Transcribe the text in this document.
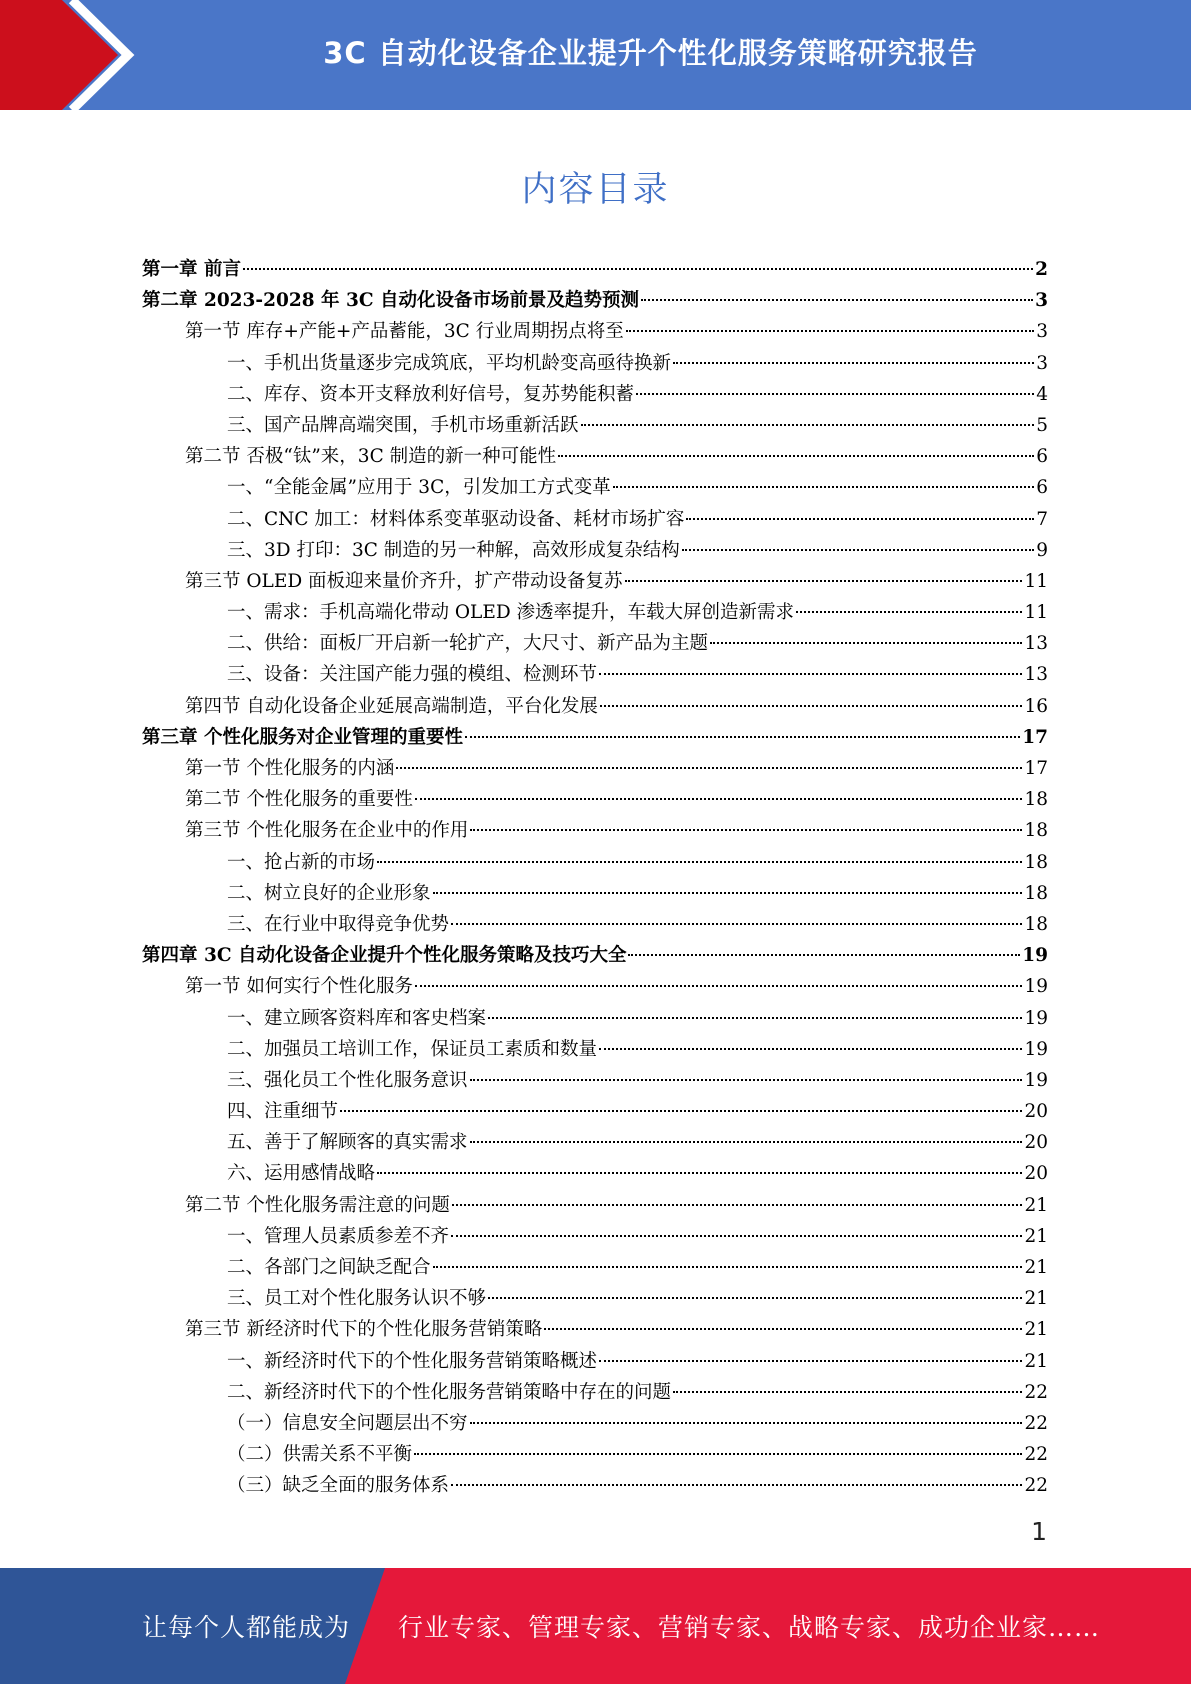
3C 自动化设备企业提升个性化服务策略研究报告
内容目录
第一章 前言	2
第二章 2023-2028 年 3C 自动化设备市场前景及趋势预测	3
第一节 库存+产能+产品蓄能，3C 行业周期拐点将至	3
一、手机出货量逐步完成筑底，平均机龄变高亟待换新	3
二、库存、资本开支释放利好信号，复苏势能积蓄	4
三、国产品牌高端突围，手机市场重新活跃	5
第二节 否极“钛”来，3C 制造的新一种可能性	6
一、“全能金属”应用于 3C，引发加工方式变革	6
二、CNC 加工：材料体系变革驱动设备、耗材市场扩容	7
三、3D 打印：3C 制造的另一种解，高效形成复杂结构	9
第三节 OLED 面板迎来量价齐升，扩产带动设备复苏	11
一、需求：手机高端化带动 OLED 渗透率提升，车载大屏创造新需求	11
二、供给：面板厂开启新一轮扩产，大尺寸、新产品为主题	13
三、设备：关注国产能力强的模组、检测环节	13
第四节 自动化设备企业延展高端制造，平台化发展	16
第三章 个性化服务对企业管理的重要性	17
第一节 个性化服务的内涵	17
第二节 个性化服务的重要性	18
第三节 个性化服务在企业中的作用	18
一、抢占新的市场	18
二、树立良好的企业形象	18
三、在行业中取得竞争优势	18
第四章 3C 自动化设备企业提升个性化服务策略及技巧大全	19
第一节 如何实行个性化服务	19
一、建立顾客资料库和客史档案	19
二、加强员工培训工作，保证员工素质和数量	19
三、强化员工个性化服务意识	19
四、注重细节	20
五、善于了解顾客的真实需求	20
六、运用感情战略	20
第二节 个性化服务需注意的问题	21
一、管理人员素质参差不齐	21
二、各部门之间缺乏配合	21
三、员工对个性化服务认识不够	21
第三节 新经济时代下的个性化服务营销策略	21
一、新经济时代下的个性化服务营销策略概述	21
二、新经济时代下的个性化服务营销策略中存在的问题	22
（一）信息安全问题层出不穷	22
（二）供需关系不平衡	22
（三）缺乏全面的服务体系	22
1
让每个人都能成为 行业专家、管理专家、营销专家、战略专家、成功企业家……
